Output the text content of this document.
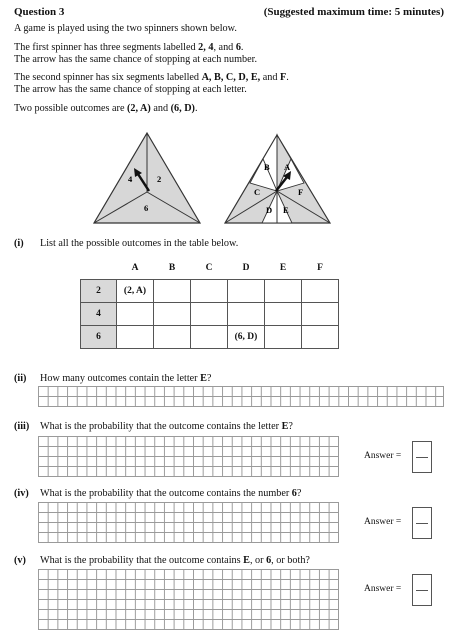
Question 3	(Suggested maximum time: 5 minutes)
A game is played using the two spinners shown below.
The first spinner has three segments labelled 2, 4, and 6.
The arrow has the same chance of stopping at each number.
The second spinner has six segments labelled A, B, C, D, E, and F.
The arrow has the same chance of stopping at each letter.
Two possible outcomes are (2, A) and (6, D).
4	2
6
B A
C	F
D E
(i) List all the possible outcomes in the table below.
	A	B	C	D	E	F
2	(2, A)					
4						
6				(6, D)		
(ii) How many outcomes contain the letter E?
(iii) What is the probability that the outcome contains the letter E?
Answer =
(iv) What is the probability that the outcome contains the number 6?
Answer =
(v) What is the probability that the outcome contains E, or 6, or both?
Answer =
